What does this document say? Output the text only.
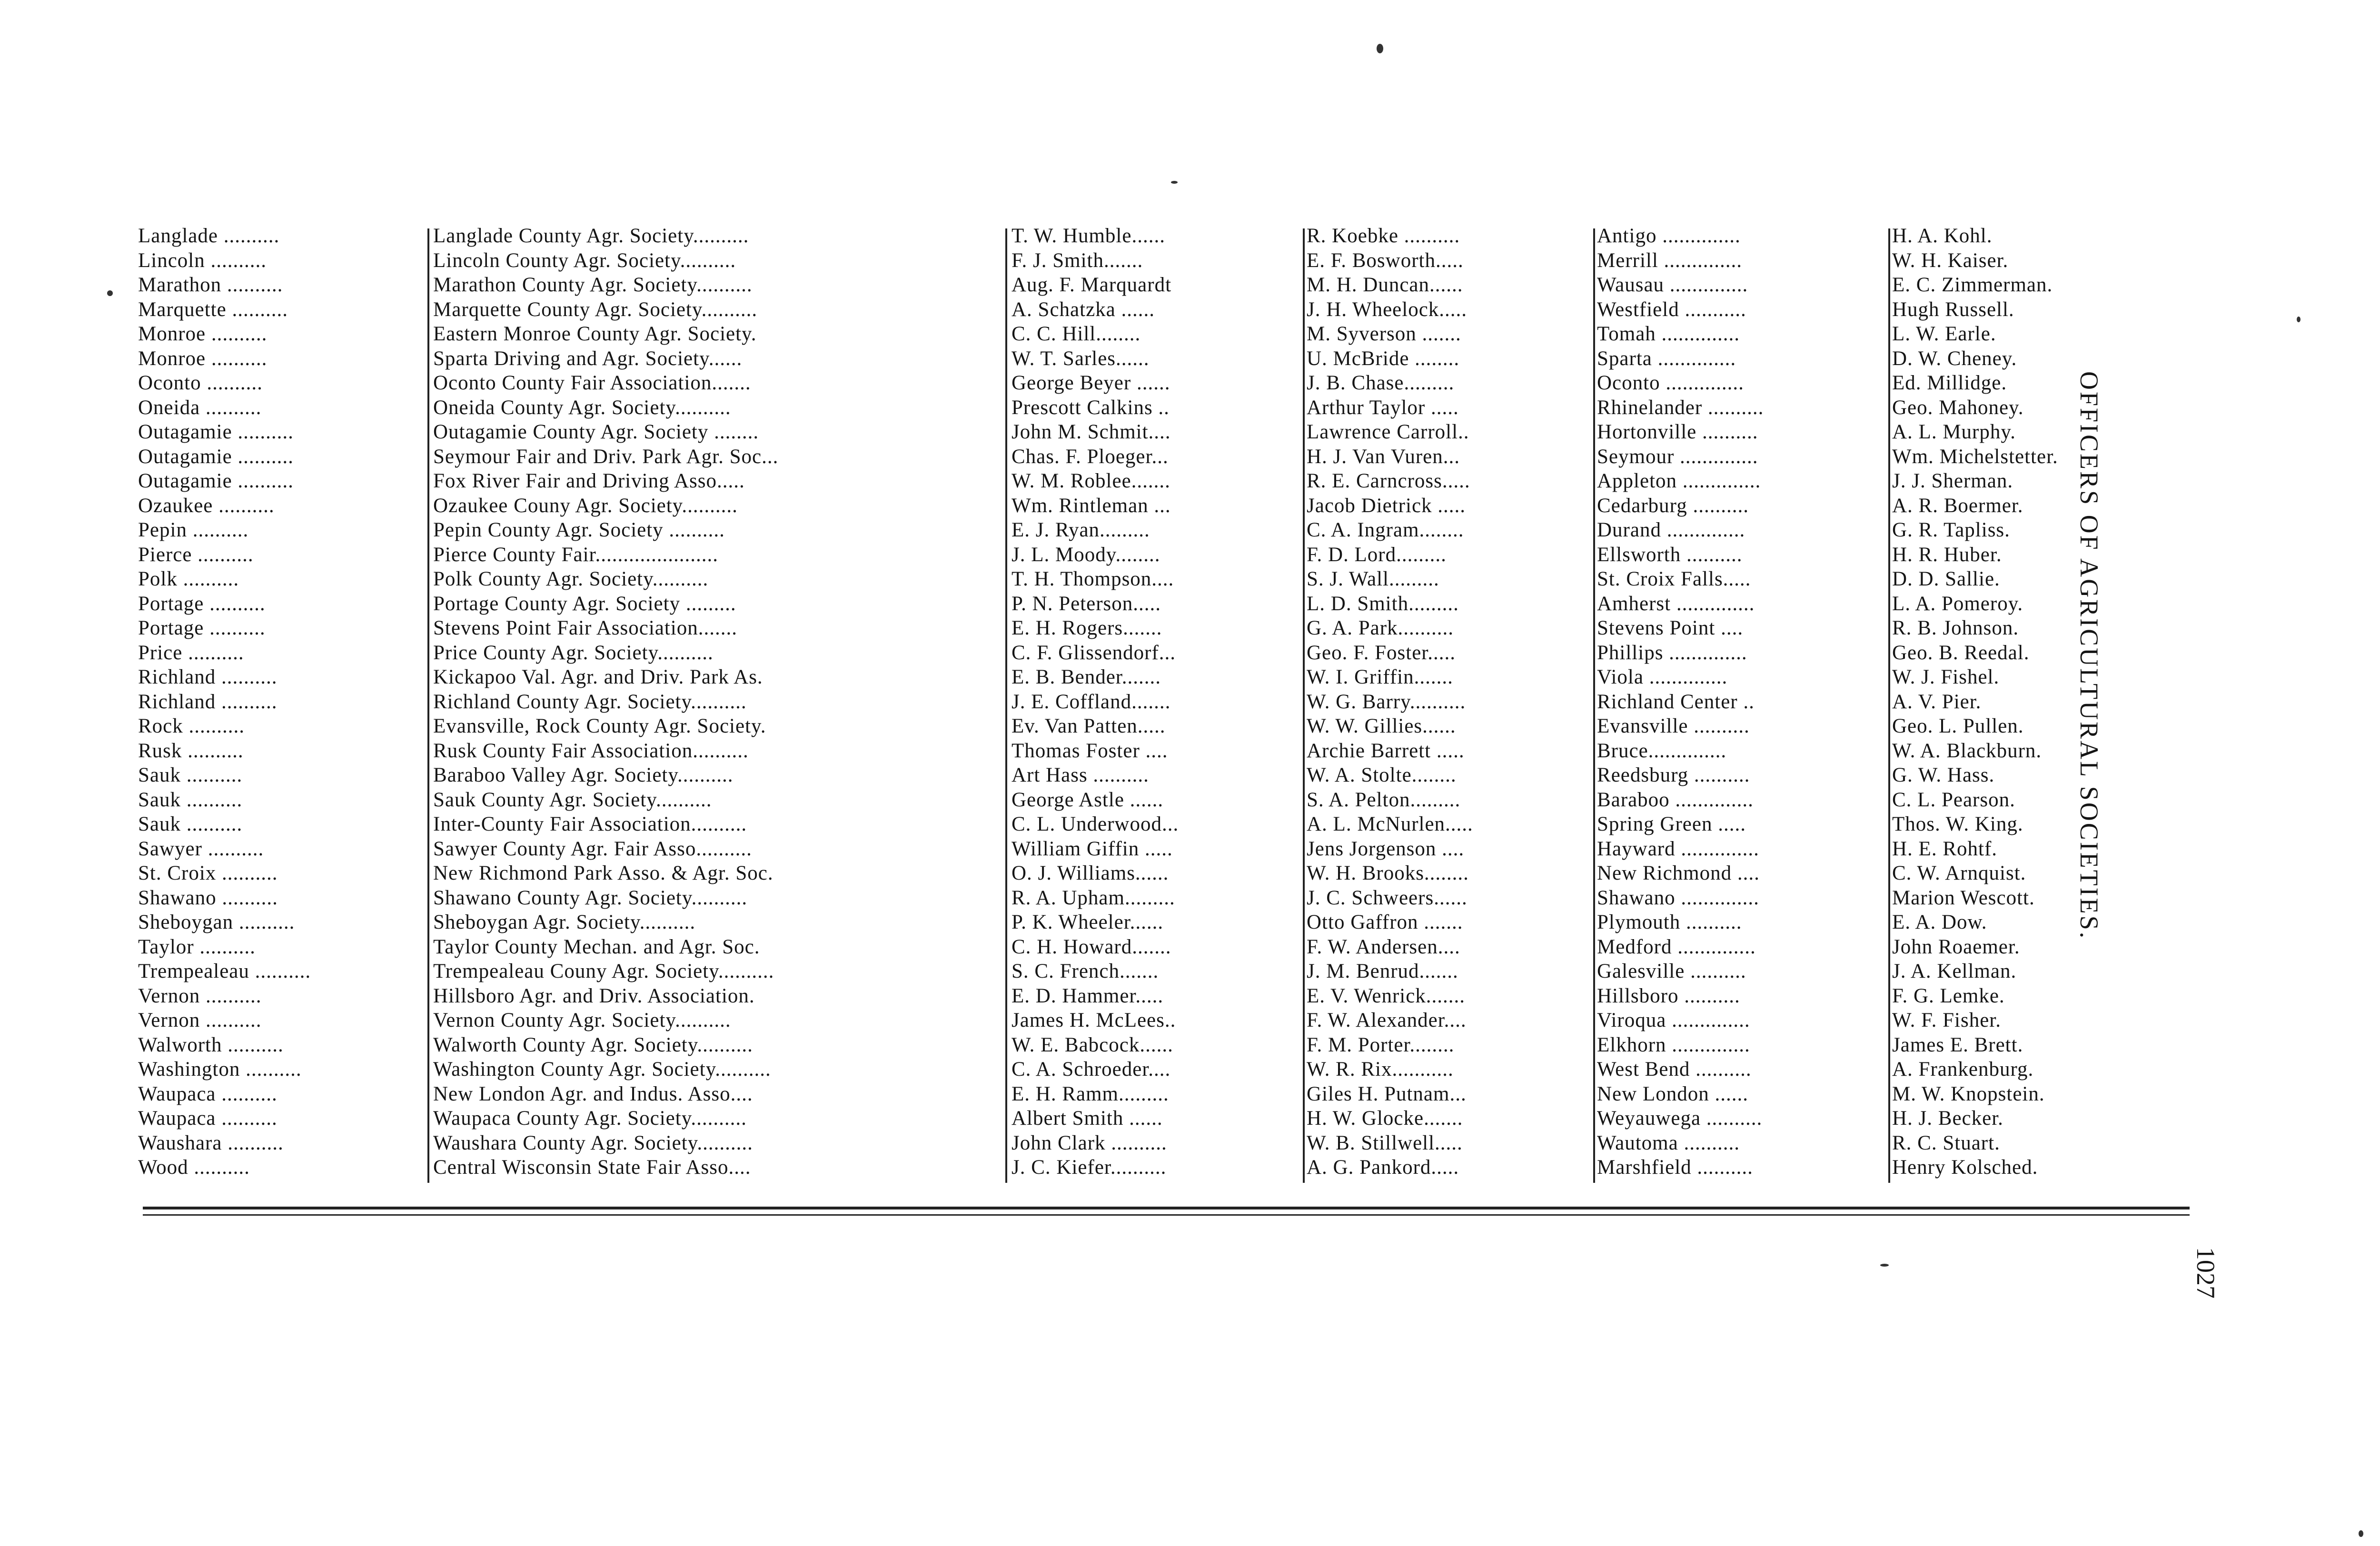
Langlade ..........
Lincoln ..........
Marathon ..........
Marquette ..........
Monroe ..........
Monroe ..........
Oconto ..........
Oneida ..........
Outagamie ..........
Outagamie ..........
Outagamie ..........
Ozaukee ..........
Pepin ..........
Pierce ..........
Polk ..........
Portage ..........
Portage ..........
Price ..........
Richland ..........
Richland ..........
Rock ..........
Rusk ..........
Sauk ..........
Sauk ..........
Sauk ..........
Sawyer ..........
St. Croix ..........
Shawano ..........
Sheboygan ..........
Taylor ..........
Trempealeau ..........
Vernon ..........
Vernon ..........
Walworth ..........
Washington ..........
Waupaca ..........
Waupaca ..........
Waushara ..........
Wood ..........
Langlade County Agr. Society..........
Lincoln County Agr. Society..........
Marathon County Agr. Society..........
Marquette County Agr. Society..........
Eastern Monroe County Agr. Society.
Sparta Driving and Agr. Society......
Oconto County Fair Association.......
Oneida County Agr. Society..........
Outagamie County Agr. Society ........
Seymour Fair and Driv. Park Agr. Soc...
Fox River Fair and Driving Asso.....
Ozaukee Couny Agr. Society..........
Pepin County Agr. Society ..........
Pierce County Fair......................
Polk County Agr. Society..........
Portage County Agr. Society .........
Stevens Point Fair Association.......
Price County Agr. Society..........
Kickapoo Val. Agr. and Driv. Park As.
Richland County Agr. Society..........
Evansville, Rock County Agr. Society.
Rusk County Fair Association..........
Baraboo Valley Agr. Society..........
Sauk County Agr. Society..........
Inter-County Fair Association..........
Sawyer County Agr. Fair Asso..........
New Richmond Park Asso. & Agr. Soc.
Shawano County Agr. Society..........
Sheboygan Agr. Society..........
Taylor County Mechan. and Agr. Soc.
Trempealeau Couny Agr. Society..........
Hillsboro Agr. and Driv. Association.
Vernon County Agr. Society..........
Walworth County Agr. Society..........
Washington County Agr. Society..........
New London Agr. and Indus. Asso....
Waupaca County Agr. Society..........
Waushara County Agr. Society..........
Central Wisconsin State Fair Asso....
T. W. Humble......
F. J. Smith.......
Aug. F. Marquardt
A. Schatzka ......
C. C. Hill........
W. T. Sarles......
George Beyer ......
Prescott Calkins ..
John M. Schmit....
Chas. F. Ploeger...
W. M. Roblee.......
Wm. Rintleman ...
E. J. Ryan.........
J. L. Moody........
T. H. Thompson....
P. N. Peterson.....
E. H. Rogers.......
C. F. Glissendorf...
E. B. Bender.......
J. E. Coffland.......
Ev. Van Patten.....
Thomas Foster ....
Art Hass ..........
George Astle ......
C. L. Underwood...
William Giffin .....
O. J. Williams......
R. A. Upham.........
P. K. Wheeler......
C. H. Howard.......
S. C. French.......
E. D. Hammer.....
James H. McLees..
W. E. Babcock......
C. A. Schroeder....
E. H. Ramm.........
Albert Smith ......
John Clark ..........
J. C. Kiefer..........
R. Koebke ..........
E. F. Bosworth.....
M. H. Duncan......
J. H. Wheelock.....
M. Syverson .......
U. McBride ........
J. B. Chase.........
Arthur Taylor .....
Lawrence Carroll..
H. J. Van Vuren...
R. E. Carncross.....
Jacob Dietrick .....
C. A. Ingram........
F. D. Lord.........
S. J. Wall.........
L. D. Smith.........
G. A. Park..........
Geo. F. Foster.....
W. I. Griffin.......
W. G. Barry..........
W. W. Gillies......
Archie Barrett .....
W. A. Stolte........
S. A. Pelton.........
A. L. McNurlen.....
Jens Jorgenson ....
W. H. Brooks........
J. C. Schweers......
Otto Gaffron .......
F. W. Andersen....
J. M. Benrud.......
E. V. Wenrick.......
F. W. Alexander....
F. M. Porter........
W. R. Rix...........
Giles H. Putnam...
H. W. Glocke.......
W. B. Stillwell.....
A. G. Pankord.....
Antigo ..............
Merrill ..............
Wausau ..............
Westfield ...........
Tomah ..............
Sparta ..............
Oconto ..............
Rhinelander ..........
Hortonville ..........
Seymour ..............
Appleton ..............
Cedarburg ..........
Durand ..............
Ellsworth ..........
St. Croix Falls.....
Amherst ..............
Stevens Point ....
Phillips ..............
Viola ..............
Richland Center ..
Evansville ..........
Bruce..............
Reedsburg ..........
Baraboo ..............
Spring Green .....
Hayward ..............
New Richmond ....
Shawano ..............
Plymouth ..........
Medford ..............
Galesville ..........
Hillsboro ..........
Viroqua ..............
Elkhorn ..............
West Bend ..........
New London ......
Weyauwega ..........
Wautoma ..........
Marshfield ..........
H. A. Kohl.
W. H. Kaiser.
E. C. Zimmerman.
Hugh Russell.
L. W. Earle.
D. W. Cheney.
Ed. Millidge.
Geo. Mahoney.
A. L. Murphy.
Wm. Michelstetter.
J. J. Sherman.
A. R. Boermer.
G. R. Tapliss.
H. R. Huber.
D. D. Sallie.
L. A. Pomeroy.
R. B. Johnson.
Geo. B. Reedal.
W. J. Fishel.
A. V. Pier.
Geo. L. Pullen.
W. A. Blackburn.
G. W. Hass.
C. L. Pearson.
Thos. W. King.
H. E. Rohtf.
C. W. Arnquist.
Marion Wescott.
E. A. Dow.
John Roaemer.
J. A. Kellman.
F. G. Lemke.
W. F. Fisher.
James E. Brett.
A. Frankenburg.
M. W. Knopstein.
H. J. Becker.
R. C. Stuart.
Henry Kolsched.
OFFICERS OF AGRICULTURAL SOCIETIES.
1027
